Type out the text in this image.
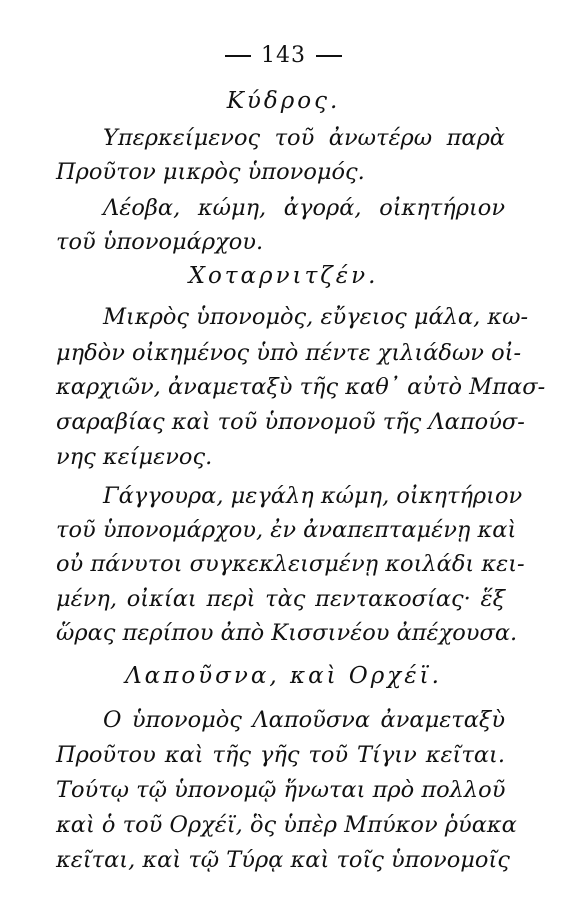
143
Κύδρος.
Υπερκείμενος τοῦ ἀνωτέρω παρὰ
Προῦτον μικρὸς ὑπονομός.
Λέοβα, κώμη, ἀγορά, οἰκητήριον
τοῦ ὑπονομάρχου.
Χοταρνιτζέν.
Μικρὸς ὑπονομὸς, εὔγειος μάλα, κω-
μηδὸν οἰκημένος ὑπὸ πέντε χιλιάδων οἰ-
καρχιῶν, ἀναμεταξὺ τῆς καθ᾽ αὐτὸ Μπασ-
σαραβίας καὶ τοῦ ὑπονομοῦ τῆς Λαπούσ-
νης κείμενος.
Γάγγουρα, μεγάλη κώμη, οἰκητήριον
τοῦ ὑπονομάρχου, ἐν ἀναπεπταμένῃ καὶ
οὐ πάνυτοι συγκεκλεισμένῃ κοιλάδι κει-
μένη, οἰκίαι περὶ τὰς πεντακοσίας· ἕξ
ὥρας περίπου ἀπὸ Κισσινέου ἀπέχουσα.
Λαποῦσνα, καὶ Ορχέϊ.
Ο ὑπονομὸς Λαποῦσνα ἀναμεταξὺ
Προῦτου καὶ τῆς γῆς τοῦ Τίγιν κεῖται.
Τούτῳ τῷ ὑπονομῷ ἥνωται πρὸ πολλοῦ
καὶ ὁ τοῦ Ορχέϊ, ὃς ὑπὲρ Μπύκον ῥύακα
κεῖται, καὶ τῷ Τύρᾳ καὶ τοῖς ὑπονομοῖς
